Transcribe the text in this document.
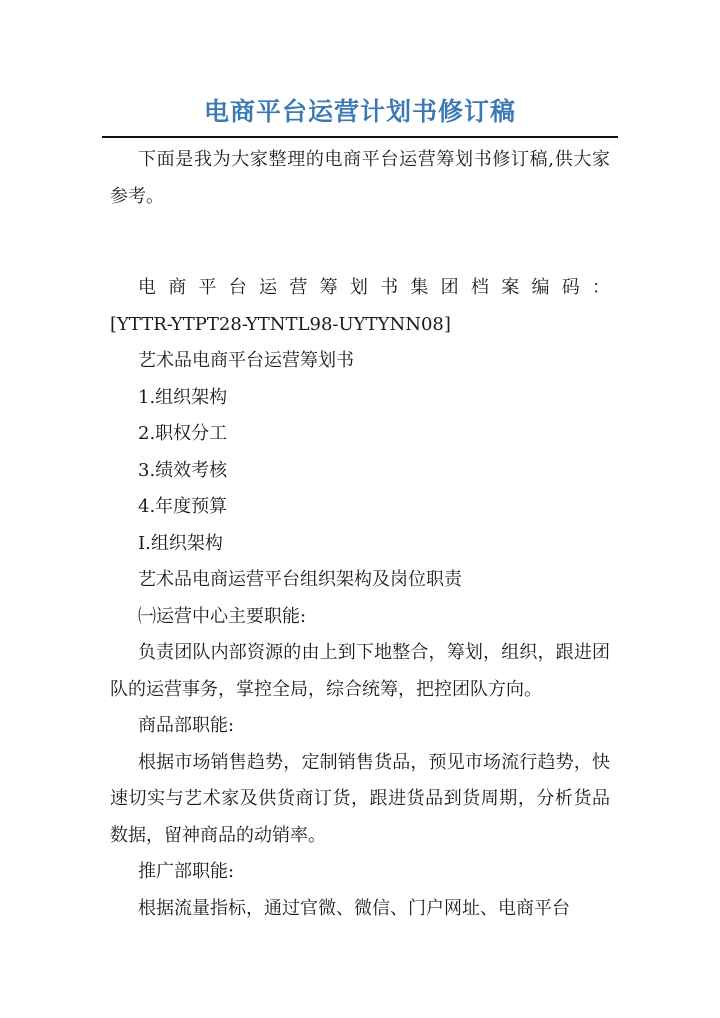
电商平台运营计划书修订稿

下面是我为大家整理的电商平台运营筹划书修订稿,供大家参考。

电 商 平 台 运 营 筹 划 书 集 团 档 案 编 码 ：

[YTTR-YTPT28-YTNTL98-UYTYNN08]

艺术品电商平台运营筹划书

1.组织架构

2.职权分工

3.绩效考核

4.年度预算

Ⅰ.组织架构

艺术品电商运营平台组织架构及岗位职责

㈠运营中心主要职能:

负责团队内部资源的由上到下地整合，筹划，组织，跟进团队的运营事务，掌控全局，综合统筹，把控团队方向。

商品部职能:

根据市场销售趋势，定制销售货品，预见市场流行趋势，快速切实与艺术家及供货商订货，跟进货品到货周期，分析货品数据，留神商品的动销率。

推广部职能:

根据流量指标，通过官微、微信、门户网址、电商平台
